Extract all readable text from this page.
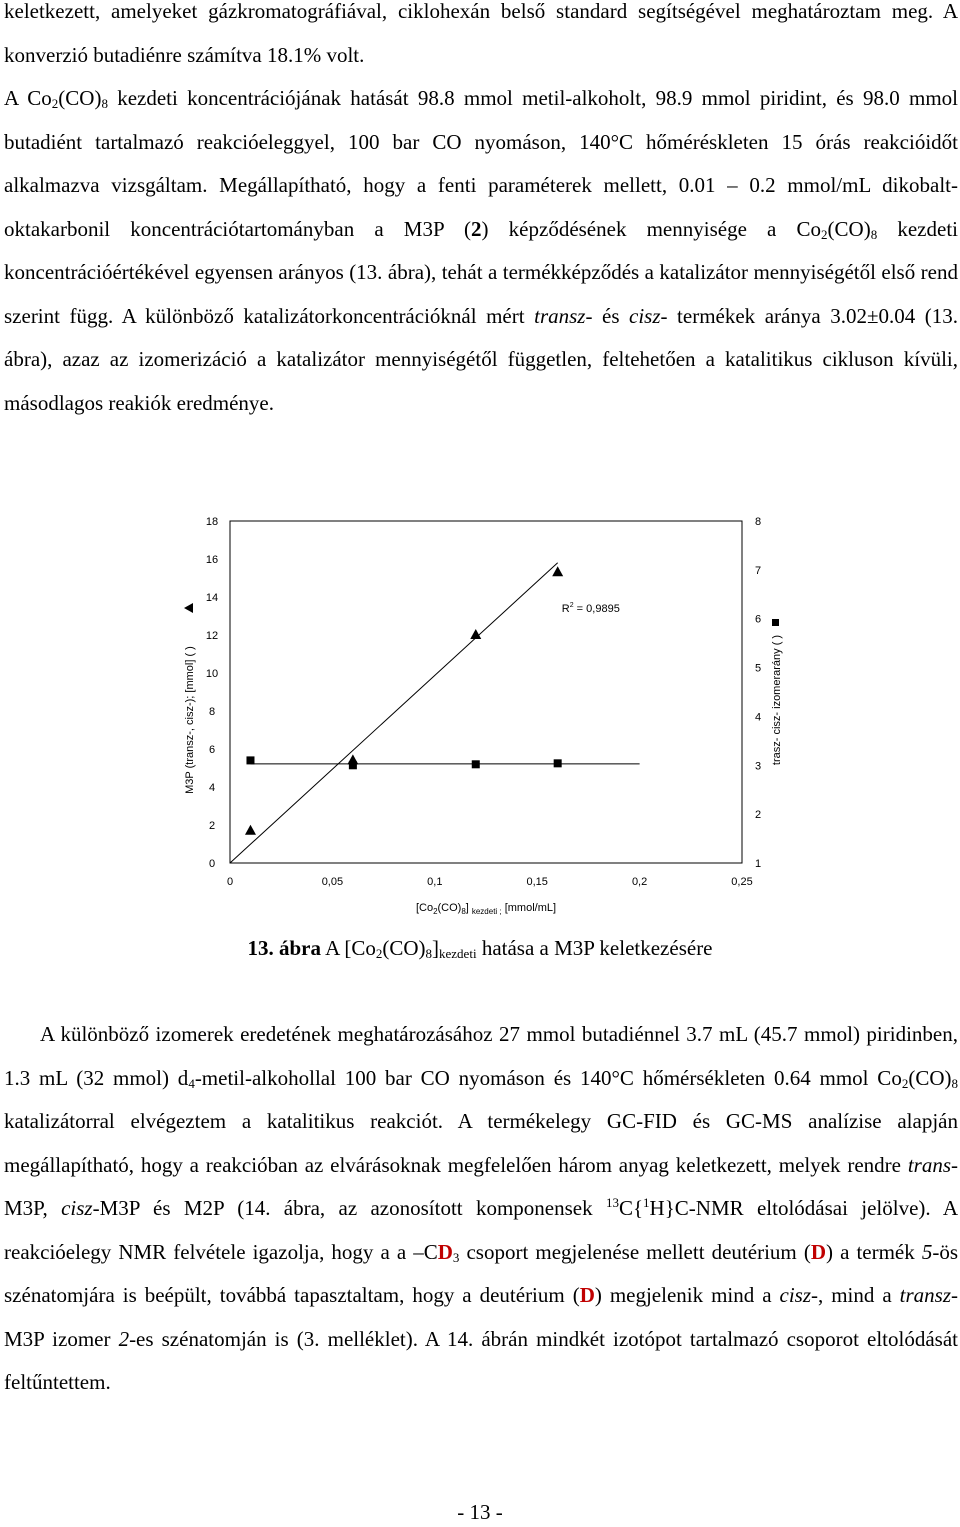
keletkezett, amelyeket gázkromatográfiával, ciklohexán belső standard segítségével meghatároztam meg. A konverzió butadiénre számítva 18.1% volt.
A $Co_2(CO)_8$ kezdeti koncentrációjának hatását 98.8 mmol metil-alkoholt, 98.9 mmol piridint, és 98.0 mmol butadiént tartalmazó reakcióeleggyel, 100 bar CO nyomáson, 140°C hőméréskleten 15 órás reakcióidőt alkalmazva vizsgáltam. Megállapítható, hogy a fenti paraméterek mellett, 0.01 – 0.2 mmol/mL dikobalt-oktakarbonil koncentrációtartományban a M3P (2) képződésének mennyisége a $Co_2(CO)_8$ kezdeti koncentrációértékével egyensen arányos (13. ábra), tehát a termékképződés a katalizátor mennyiségétől első rend szerint függ. A különböző katalizátorkoncentrációknál mért transz- és cisz- termékek aránya 3.02±0.04 (13. ábra), azaz az izomerizáció a katalizátor mennyiségétől független, feltehetően a katalitikus cikluson kívüli, másodlagos reakiók eredménye.
0	0,05	0,1	0,15	0,2	0,25
0
2
4
6
8
10
12
14
16
18
1
2
3
4
5
6
7
8
$R^2 = 0,9895$
$[Co_2(CO)_8]$ $_{kezdeti ;}$ [mmol/mL]
M3P (transz-, cisz-); [mmol] ( )	trasz- cisz- izomerarány ( )
13. ábra A $[Co_2(CO)_8]_{kezdeti}$ hatása a M3P keletkezésére
A különböző izomerek eredetének meghatározásához 27 mmol butadiénnel 3.7 mL (45.7 mmol) piridinben, 1.3 mL (32 mmol) $d_4-metil$-alkohollal 100 bar CO nyomáson és 140°C hőmérsékleten 0.64 mmol $Co_2(CO)_8$ katalizátorral elvégeztem a katalitikus reakciót. A termékelegy GC-FID és GC-MS analízise alapján megállapítható, hogy a reakcióban az elvárásoknak megfelelően három anyag keletkezett, melyek rendre trans-M3P, cisz-M3P és M2P (14. ábra, az azonosított komponensek $^{13}$C{$^1$H}C-NMR eltolódásai jelölve). A reakcióelegy NMR felvétele igazolja, hogy a a $-CD_3$ csoport megjelenése mellett deutérium (D) a termék 5-ös szénatomjára is beépült, továbbá tapasztaltam, hogy a deutérium (D) megjelenik mind a cisz-, mind a transz-M3P izomer 2-es szénatomján is (3. melléklet). A 14. ábrán mindkét izotópot tartalmazó csoporot eltolódását feltűntettem.
- 13 -
